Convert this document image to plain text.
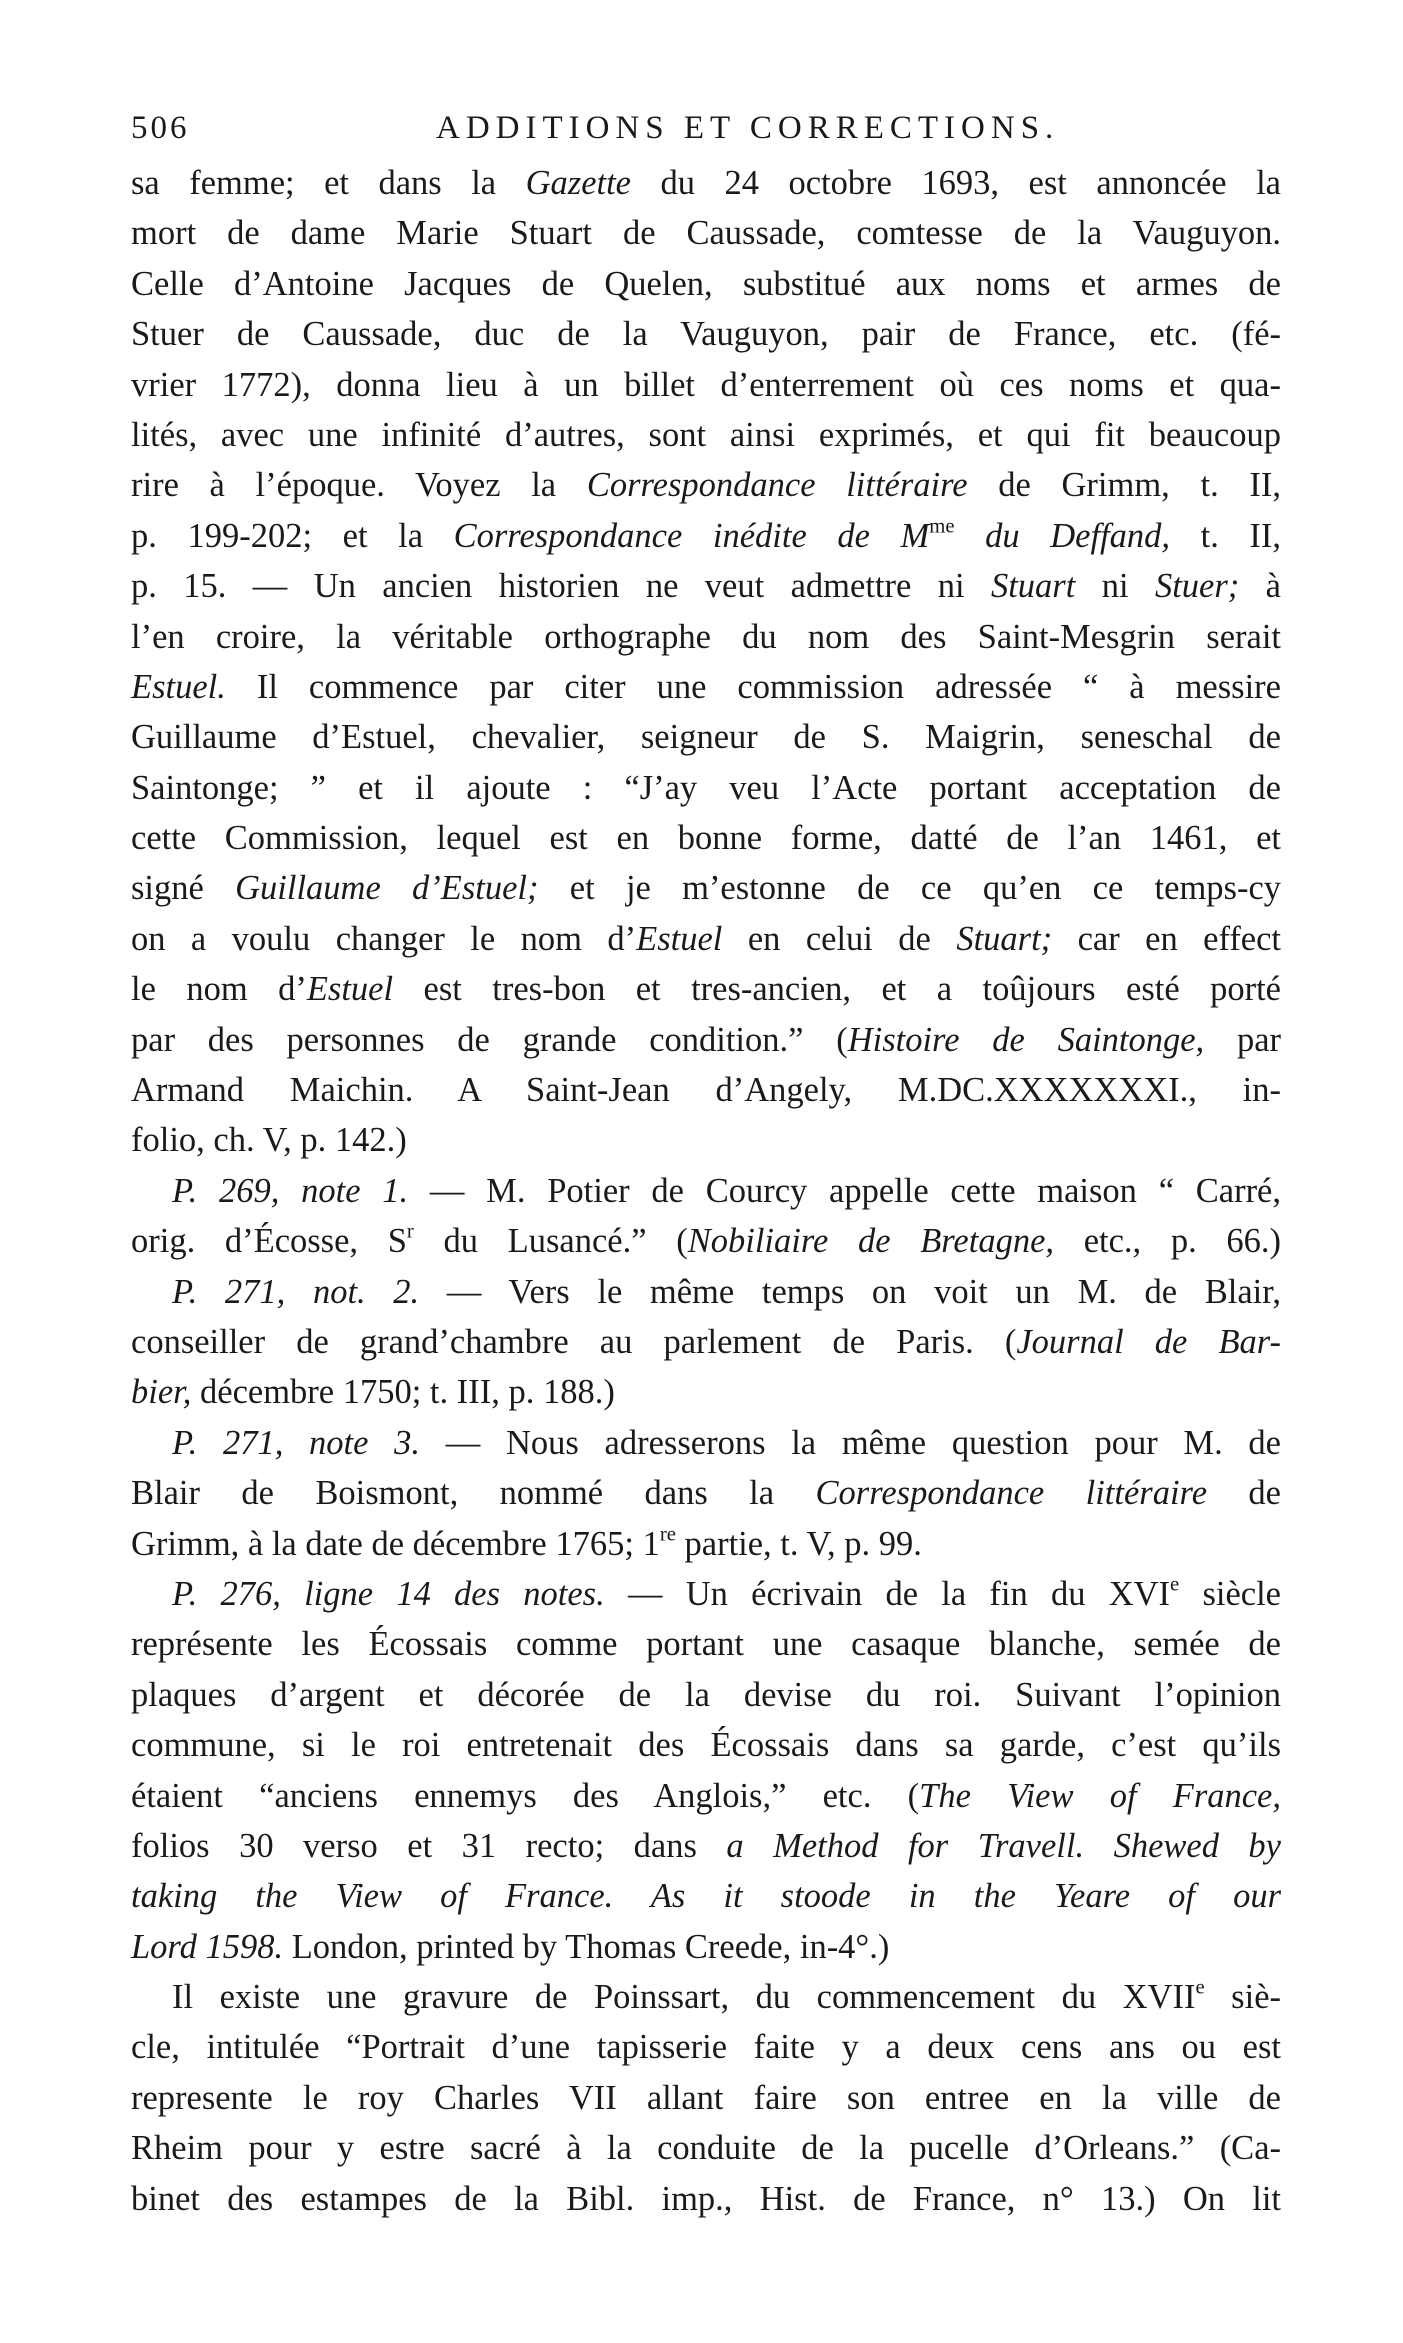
506	ADDITIONS ET CORRECTIONS.
sa femme; et dans la Gazette du 24 octobre 1693, est annoncée la
mort de dame Marie Stuart de Caussade, comtesse de la Vauguyon.
Celle d’Antoine Jacques de Quelen, substitué aux noms et armes de
Stuer de Caussade, duc de la Vauguyon, pair de France, etc. (fé-
vrier 1772), donna lieu à un billet d’enterrement où ces noms et qua-
lités, avec une infinité d’autres, sont ainsi exprimés, et qui fit beaucoup
rire à l’époque. Voyez la Correspondance littéraire de Grimm, t. II,
p. 199-202; et la Correspondance inédite de $M^{me}$ du Deffand, t. II,
p. 15. — Un ancien historien ne veut admettre ni Stuart ni Stuer; à
l’en croire, la véritable orthographe du nom des Saint-Mesgrin serait
Estuel. Il commence par citer une commission adressée “ à messire
Guillaume d’Estuel, chevalier, seigneur de S. Maigrin, seneschal de
Saintonge; ” et il ajoute : “J’ay veu l’Acte portant acceptation de
cette Commission, lequel est en bonne forme, datté de l’an 1461, et
signé Guillaume d’Estuel; et je m’estonne de ce qu’en ce temps-cy
on a voulu changer le nom d’Estuel en celui de Stuart; car en effect
le nom d’Estuel est tres-bon et tres-ancien, et a toûjours esté porté
par des personnes de grande condition.” (Histoire de Saintonge, par
Armand Maichin. A Saint-Jean d’Angely, M.DC.XXXXXXXI., in-
folio, ch. V, p. 142.)
P. 269, note 1. — M. Potier de Courcy appelle cette maison “ Carré,
orig. d’Écosse, $S^r$ du Lusancé.” (Nobiliaire de Bretagne, etc., p. 66.)
P. 271, not. 2. — Vers le même temps on voit un M. de Blair,
conseiller de grand’chambre au parlement de Paris. (Journal de Bar-
bier, décembre 1750; t. III, p. 188.)
P. 271, note 3. — Nous adresserons la même question pour M. de
Blair de Boismont, nommé dans la Correspondance littéraire de
Grimm, à la date de décembre 1765; 1re partie, t. V, p. 99.
P. 276, ligne 14 des notes. — Un écrivain de la fin du XVIe siècle
représente les Écossais comme portant une casaque blanche, semée de
plaques d’argent et décorée de la devise du roi. Suivant l’opinion
commune, si le roi entretenait des Écossais dans sa garde, c’est qu’ils
étaient “anciens ennemys des Anglois,” etc. (The View of France,
folios 30 verso et 31 recto; dans a Method for Travell. Shewed by
taking the View of France. As it stoode in the Yeare of our
Lord 1598. London, printed by Thomas Creede, in-4°.)
Il existe une gravure de Poinssart, du commencement du XVIIe siè-
cle, intitulée “Portrait d’une tapisserie faite y a deux cens ans ou est
represente le roy Charles VII allant faire son entree en la ville de
Rheim pour y estre sacré à la conduite de la pucelle d’Orleans.” (Ca-
binet des estampes de la Bibl. imp., Hist. de France, n° 13.) On lit
